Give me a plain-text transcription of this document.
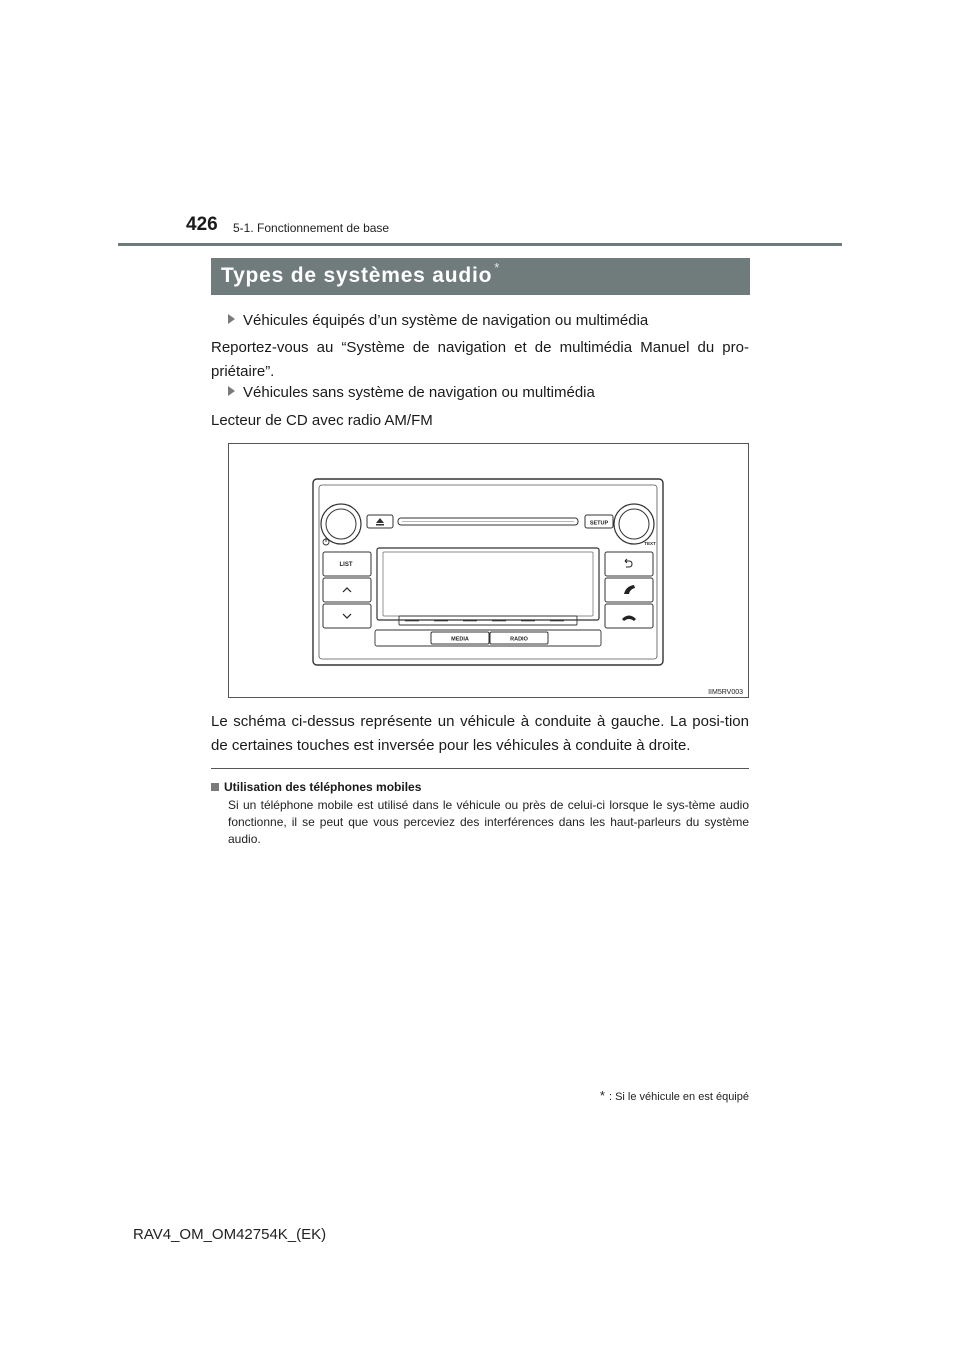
426 5-1. Fonctionnement de base
Types de systèmes audio *
Véhicules équipés d’un système de navigation ou multimédia
Reportez-vous au “Système de navigation et de multimédia Manuel du pro-priétaire”.
Véhicules sans système de navigation ou multimédia
Lecteur de CD avec radio AM/FM
SETUP
TEXT
LIST
MEDIA	RADIO
IIM5RV003
Le schéma ci-dessus représente un véhicule à conduite à gauche. La posi-tion de certaines touches est inversée pour les véhicules à conduite à droite.
Utilisation des téléphones mobiles
Si un téléphone mobile est utilisé dans le véhicule ou près de celui-ci lorsque le sys-tème audio fonctionne, il se peut que vous perceviez des interférences dans les haut-parleurs du système audio.
* : Si le véhicule en est équipé
RAV4_OM_OM42754K_(EK)
